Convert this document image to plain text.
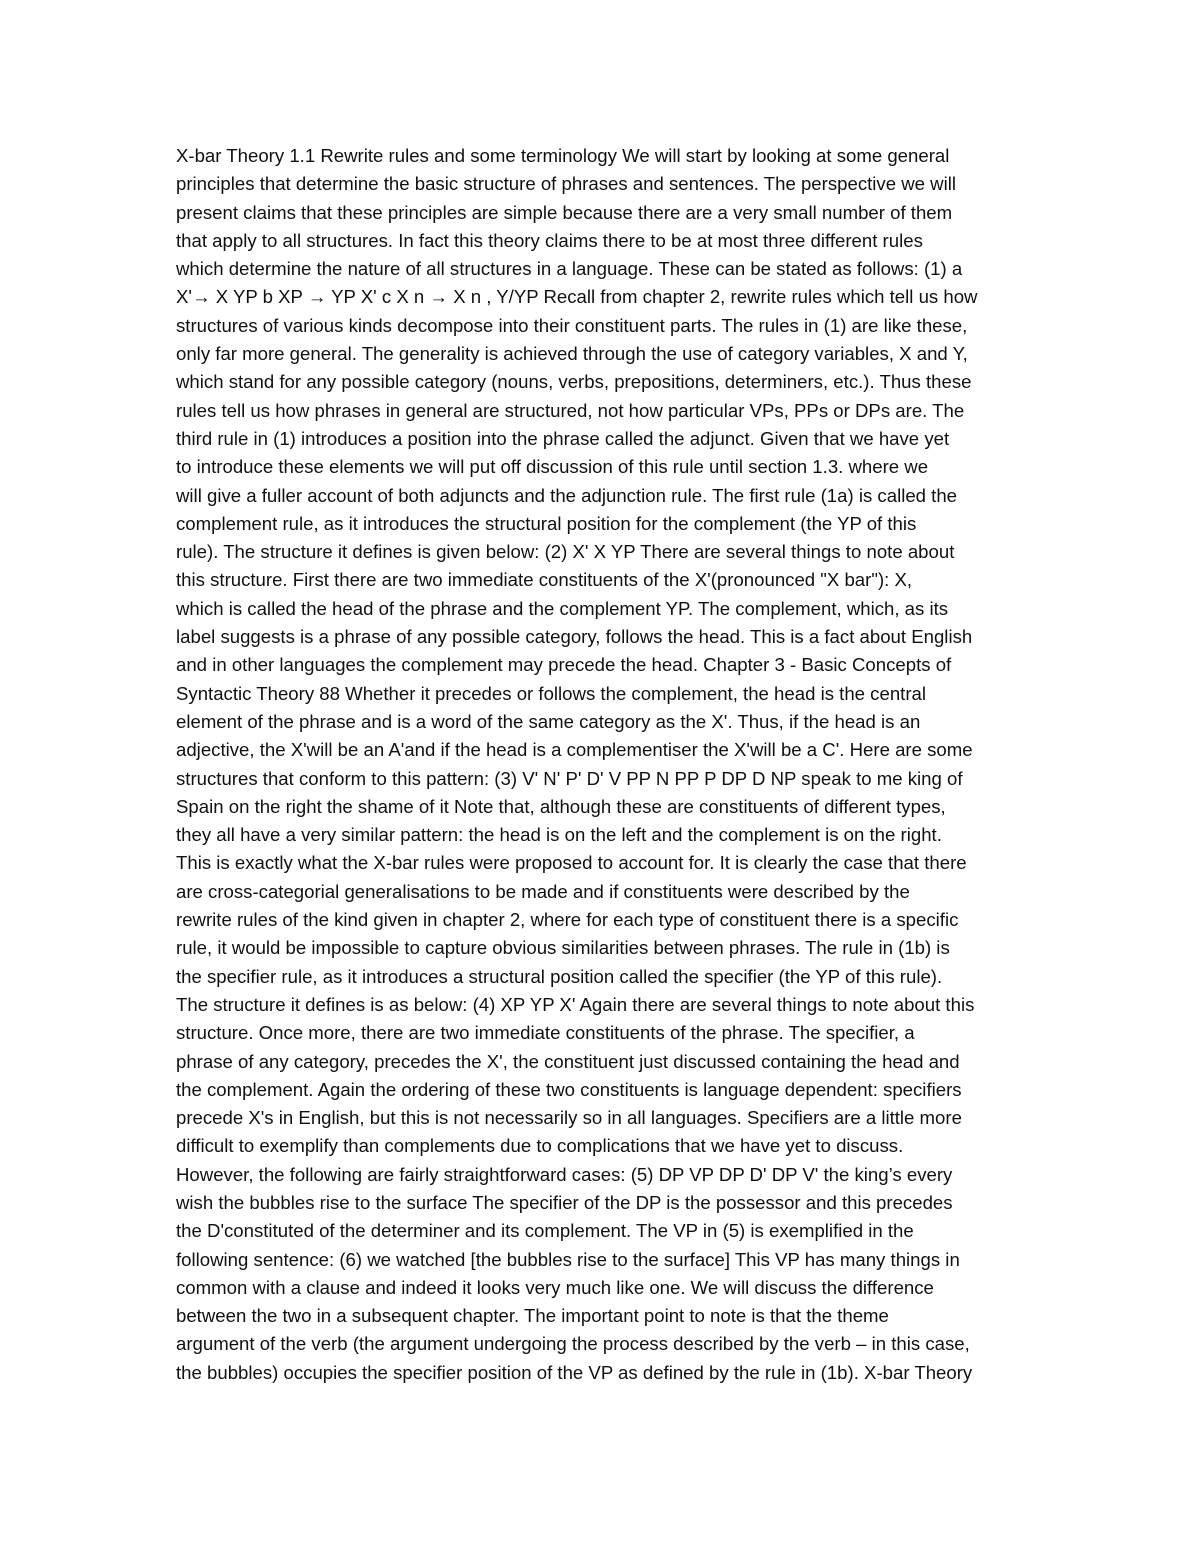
X-bar Theory 1.1 Rewrite rules and some terminology We will start by looking at some general
principles that determine the basic structure of phrases and sentences. The perspective we will
present claims that these principles are simple because there are a very small number of them
that apply to all structures. In fact this theory claims there to be at most three different rules
which determine the nature of all structures in a language. These can be stated as follows: (1) a
X'→ X YP b XP → YP X' c X n → X n , Y/YP Recall from chapter 2, rewrite rules which tell us how
structures of various kinds decompose into their constituent parts. The rules in (1) are like these,
only far more general. The generality is achieved through the use of category variables, X and Y,
which stand for any possible category (nouns, verbs, prepositions, determiners, etc.). Thus these
rules tell us how phrases in general are structured, not how particular VPs, PPs or DPs are. The
third rule in (1) introduces a position into the phrase called the adjunct. Given that we have yet
to introduce these elements we will put off discussion of this rule until section 1.3. where we
will give a fuller account of both adjuncts and the adjunction rule. The first rule (1a) is called the
complement rule, as it introduces the structural position for the complement (the YP of this
rule). The structure it defines is given below: (2) X' X YP There are several things to note about
this structure. First there are two immediate constituents of the X'(pronounced "X bar"): X,
which is called the head of the phrase and the complement YP. The complement, which, as its
label suggests is a phrase of any possible category, follows the head. This is a fact about English
and in other languages the complement may precede the head. Chapter 3 - Basic Concepts of
Syntactic Theory 88 Whether it precedes or follows the complement, the head is the central
element of the phrase and is a word of the same category as the X'. Thus, if the head is an
adjective, the X'will be an A'and if the head is a complementiser the X'will be a C'. Here are some
structures that conform to this pattern: (3) V' N' P' D' V PP N PP P DP D NP speak to me king of
Spain on the right the shame of it Note that, although these are constituents of different types,
they all have a very similar pattern: the head is on the left and the complement is on the right.
This is exactly what the X-bar rules were proposed to account for. It is clearly the case that there
are cross-categorial generalisations to be made and if constituents were described by the
rewrite rules of the kind given in chapter 2, where for each type of constituent there is a specific
rule, it would be impossible to capture obvious similarities between phrases. The rule in (1b) is
the specifier rule, as it introduces a structural position called the specifier (the YP of this rule).
The structure it defines is as below: (4) XP YP X' Again there are several things to note about this
structure. Once more, there are two immediate constituents of the phrase. The specifier, a
phrase of any category, precedes the X', the constituent just discussed containing the head and
the complement. Again the ordering of these two constituents is language dependent: specifiers
precede X's in English, but this is not necessarily so in all languages. Specifiers are a little more
difficult to exemplify than complements due to complications that we have yet to discuss.
However, the following are fairly straightforward cases: (5) DP VP DP D' DP V' the king’s every
wish the bubbles rise to the surface The specifier of the DP is the possessor and this precedes
the D'constituted of the determiner and its complement. The VP in (5) is exemplified in the
following sentence: (6) we watched [the bubbles rise to the surface] This VP has many things in
common with a clause and indeed it looks very much like one. We will discuss the difference
between the two in a subsequent chapter. The important point to note is that the theme
argument of the verb (the argument undergoing the process described by the verb – in this case,
the bubbles) occupies the specifier position of the VP as defined by the rule in (1b). X-bar Theory
